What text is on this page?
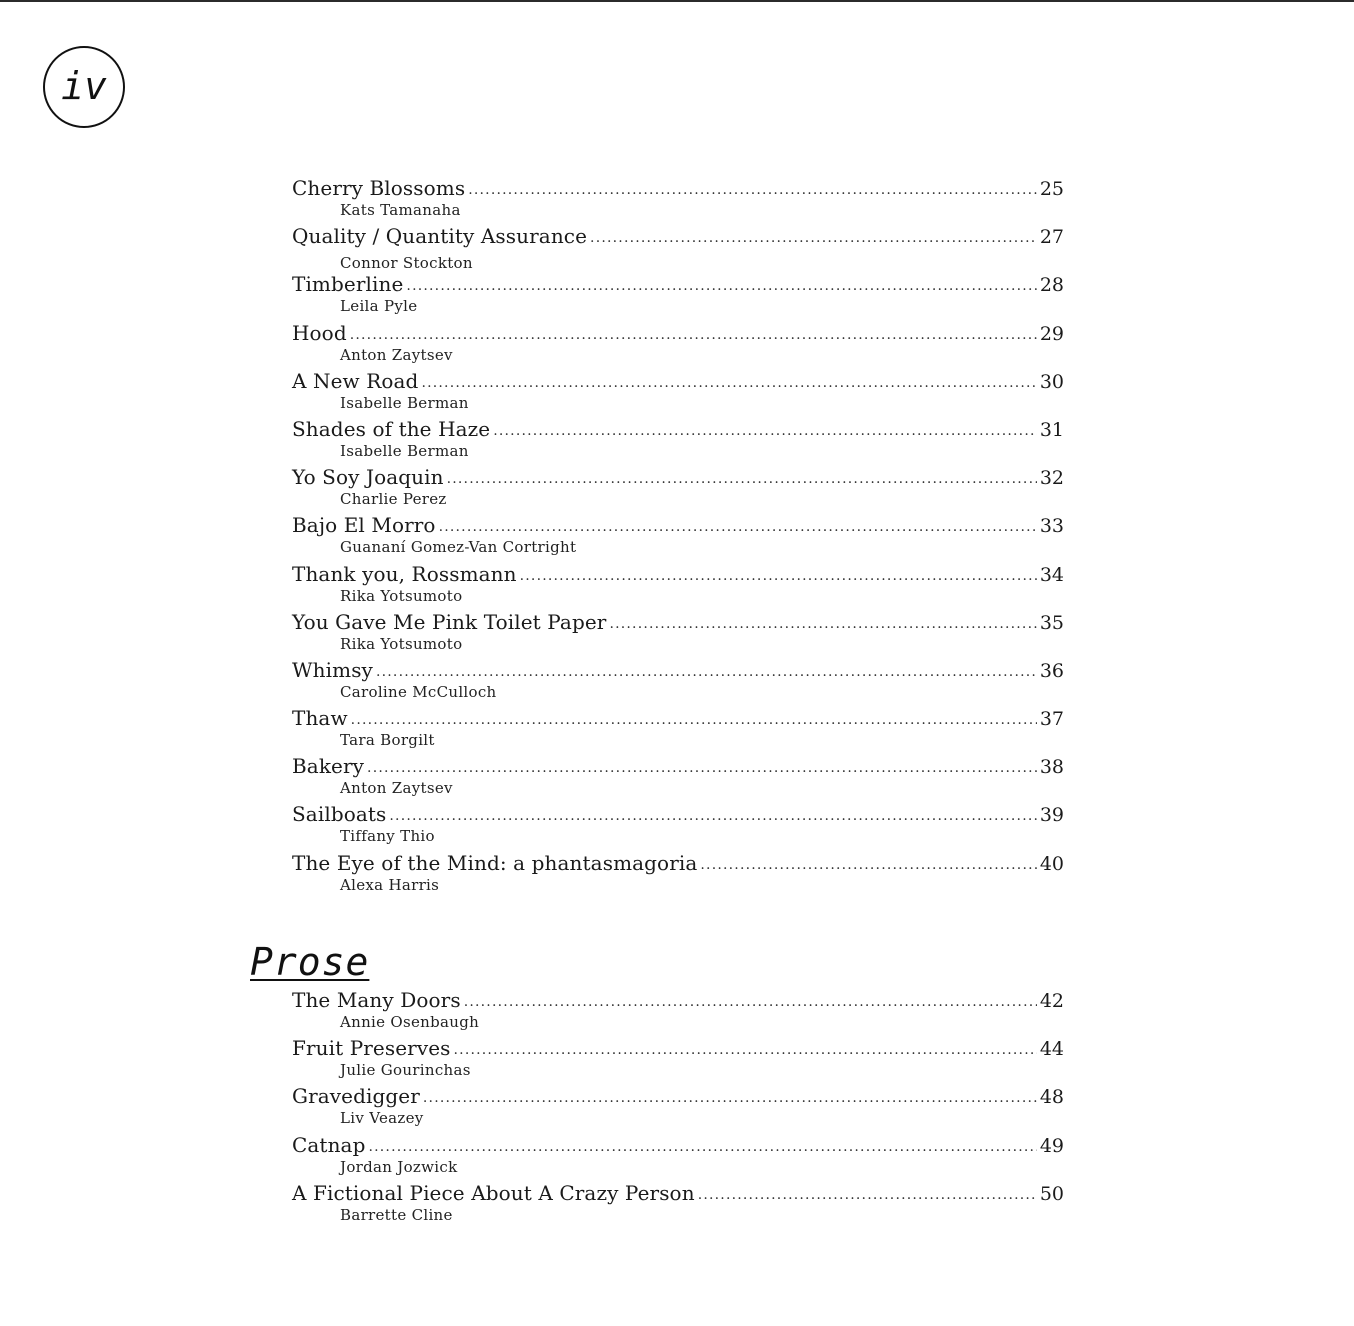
iv
Cherry Blossoms .....	25
Kats Tamanaha
Quality / Quantity Assurance .....	27
Connor Stockton
Timberline .....	28
Leila Pyle
Hood .....	29
Anton Zaytsev
A New Road .....	30
Isabelle Berman
Shades of the Haze .....	31
Isabelle Berman
Yo Soy Joaquin .....	32
Charlie Perez
Bajo El Morro .....	33
Guananí Gomez-Van Cortright
Thank you, Rossmann .....	34
Rika Yotsumoto
You Gave Me Pink Toilet Paper .....	35
Rika Yotsumoto
Whimsy .....	36
Caroline McCulloch
Thaw .....	37
Tara Borgilt
Bakery .....	38
Anton Zaytsev
Sailboats .....	39
Tiffany Thio
The Eye of the Mind: a phantasmagoria .....	40
Alexa Harris
Prose
The Many Doors .....	42
Annie Osenbaugh
Fruit Preserves .....	44
Julie Gourinchas
Gravedigger .....	48
Liv Veazey
Catnap .....	49
Jordan Jozwick
A Fictional Piece About A Crazy Person .....	50
Barrette Cline
